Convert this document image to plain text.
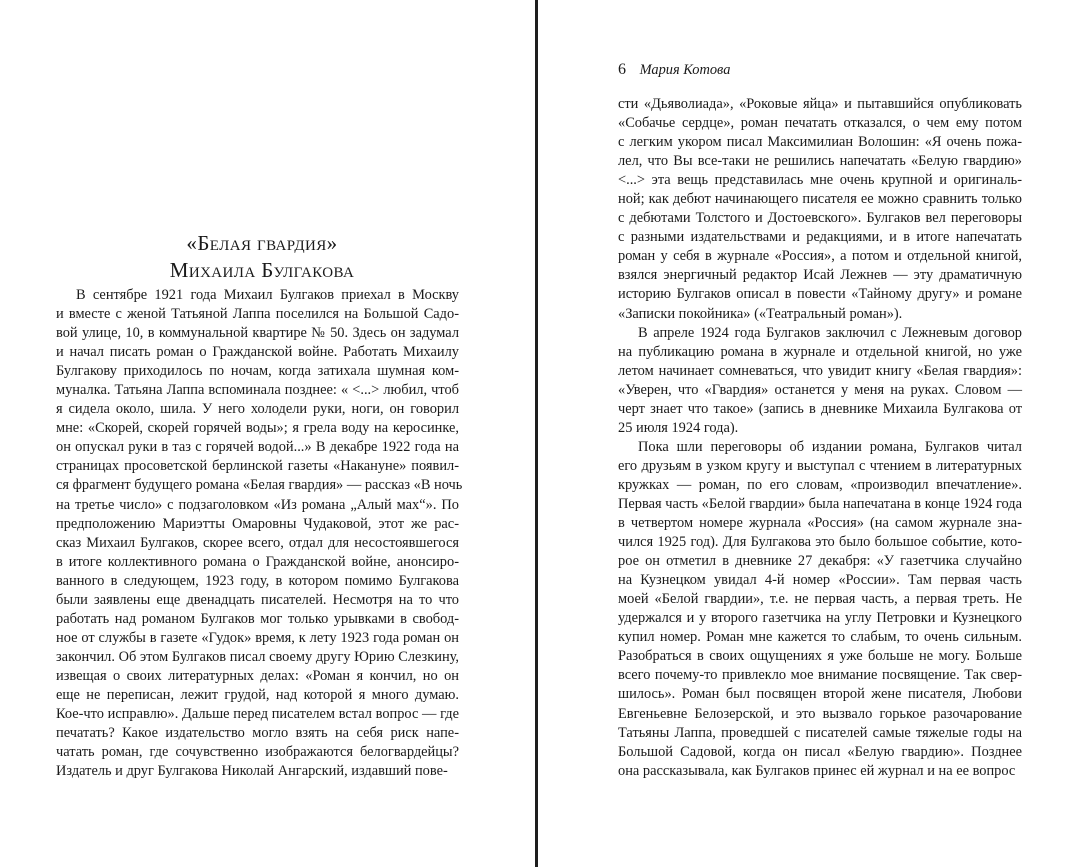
«Белая гвардия»
Михаила Булгакова

В сентябре 1921 года Михаил Булгаков приехал в Москву
и вместе с женой Татьяной Лаппа поселился на Большой Садо-
вой улице, 10, в коммунальной квартире № 50. Здесь он задумал
и начал писать роман о Гражданской войне. Работать Михаилу
Булгакову приходилось по ночам, когда затихала шумная ком-
муналка. Татьяна Лаппа вспоминала позднее: « <...> любил, чтоб
я сидела около, шила. У него холодели руки, ноги, он говорил
мне: «Скорей, скорей горячей воды»; я грела воду на керосинке,
он опускал руки в таз с горячей водой...» В декабре 1922 года на
страницах просоветской берлинской газеты «Накануне» появил-
ся фрагмент будущего романа «Белая гвардия» — рассказ «В ночь
на третье число» с подзаголовком «Из романа „Алый мах“». По
предположению Мариэтты Омаровны Чудаковой, этот же рас-
сказ Михаил Булгаков, скорее всего, отдал для несостоявшегося
в итоге коллективного романа о Гражданской войне, анонсиро-
ванного в следующем, 1923 году, в котором помимо Булгакова
были заявлены еще двенадцать писателей. Несмотря на то что
работать над романом Булгаков мог только урывками в свобод-
ное от службы в газете «Гудок» время, к лету 1923 года роман он
закончил. Об этом Булгаков писал своему другу Юрию Слезкину,
извещая о своих литературных делах: «Роман я кончил, но он
еще не переписан, лежит грудой, над которой я много думаю.
Кое-что исправлю». Дальше перед писателем встал вопрос — где
печатать? Какое издательство могло взять на себя риск напе-
чатать роман, где сочувственно изображаются белогвардейцы?
Издатель и друг Булгакова Николай Ангарский, издавший пове-

6 Мария Котова

сти «Дьяволиада», «Роковые яйца» и пытавшийся опубликовать
«Собачье сердце», роман печатать отказался, о чем ему потом
с легким укором писал Максимилиан Волошин: «Я очень пожа-
лел, что Вы все-таки не решились напечатать «Белую гвардию»
<...> эта вещь представилась мне очень крупной и оригиналь-
ной; как дебют начинающего писателя ее можно сравнить только
с дебютами Толстого и Достоевского». Булгаков вел переговоры
с разными издательствами и редакциями, и в итоге напечатать
роман у себя в журнале «Россия», а потом и отдельной книгой,
взялся энергичный редактор Исай Лежнев — эту драматичную
историю Булгаков описал в повести «Тайному другу» и романе
«Записки покойника» («Театральный роман»).

В апреле 1924 года Булгаков заключил с Лежневым договор
на публикацию романа в журнале и отдельной книгой, но уже
летом начинает сомневаться, что увидит книгу «Белая гвардия»:
«Уверен, что «Гвардия» останется у меня на руках. Словом —
черт знает что такое» (запись в дневнике Михаила Булгакова от
25 июля 1924 года).

Пока шли переговоры об издании романа, Булгаков читал
его друзьям в узком кругу и выступал с чтением в литературных
кружках — роман, по его словам, «производил впечатление».
Первая часть «Белой гвардии» была напечатана в конце 1924 года
в четвертом номере журнала «Россия» (на самом журнале зна-
чился 1925 год). Для Булгакова это было большое событие, кото-
рое он отметил в дневнике 27 декабря: «У газетчика случайно
на Кузнецком увидал 4-й номер «России». Там первая часть
моей «Белой гвардии», т.е. не первая часть, а первая треть. Не
удержался и у второго газетчика на углу Петровки и Кузнецкого
купил номер. Роман мне кажется то слабым, то очень сильным.
Разобраться в своих ощущениях я уже больше не могу. Больше
всего почему-то привлекло мое внимание посвящение. Так свер-
шилось». Роман был посвящен второй жене писателя, Любови
Евгеньевне Белозерской, и это вызвало горькое разочарование
Татьяны Лаппа, проведшей с писателей самые тяжелые годы на
Большой Садовой, когда он писал «Белую гвардию». Позднее
она рассказывала, как Булгаков принес ей журнал и на ее вопрос
